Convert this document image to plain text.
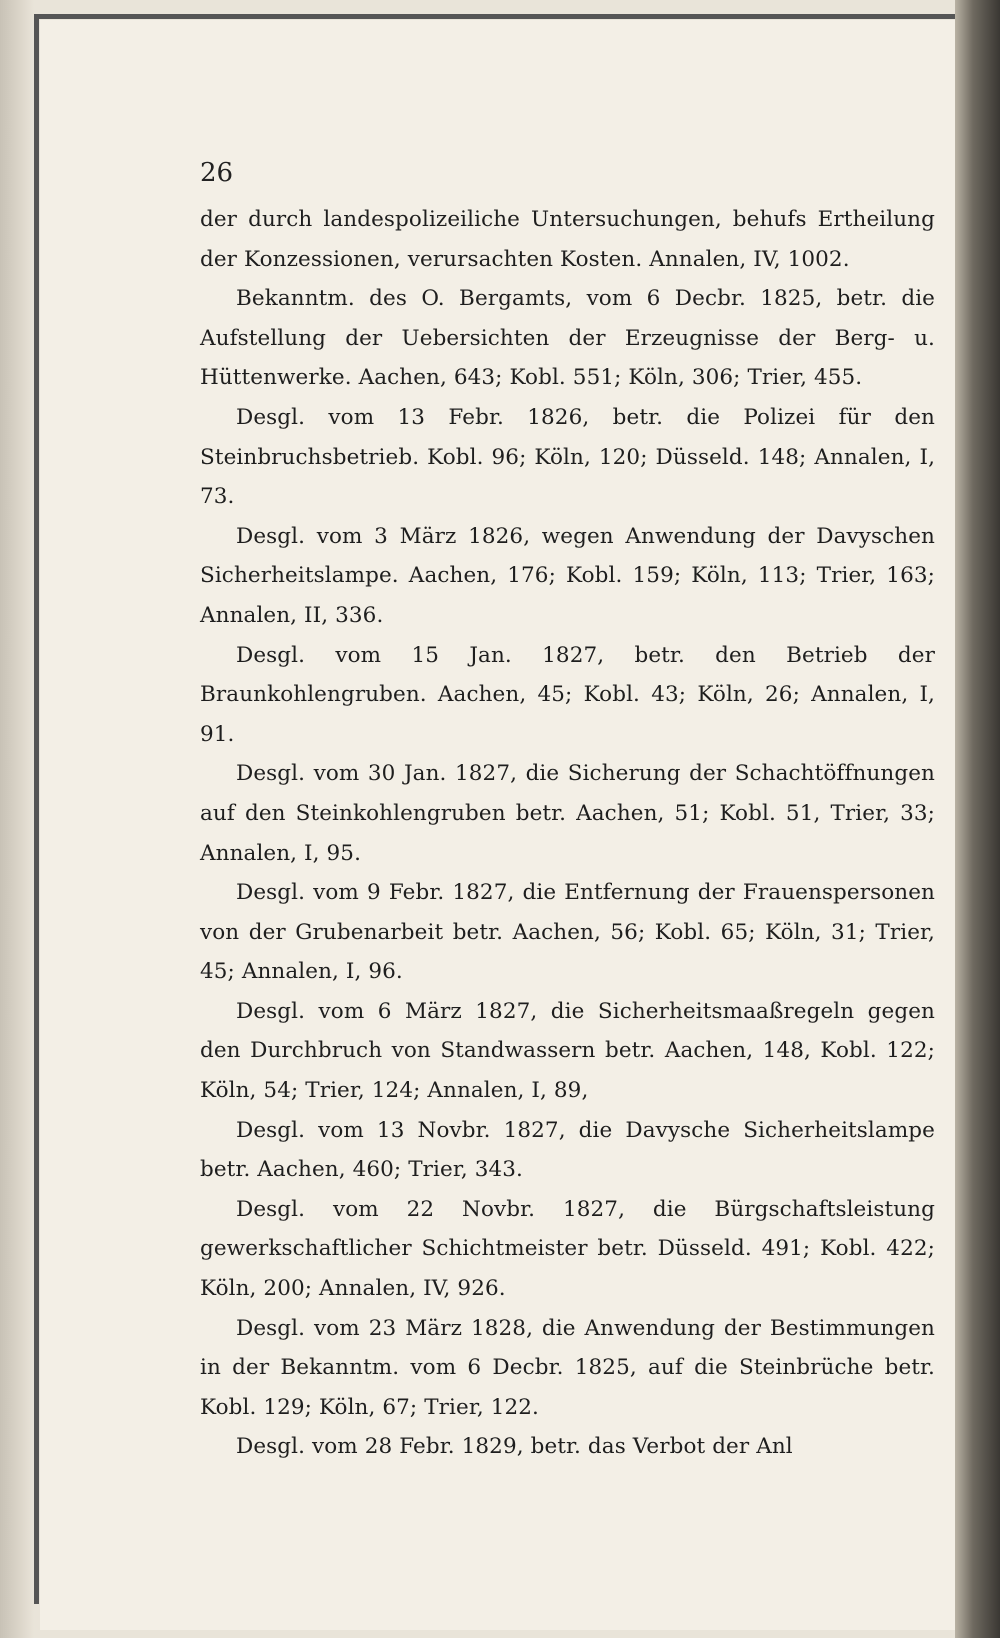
26

der durch landespolizeiliche Untersuchungen, behufs Ertheilung der Konzessionen, verursachten Kosten. Annalen, IV, 1002.

Bekanntm. des O. Bergamts, vom 6 Decbr. 1825, betr. die Aufstellung der Uebersichten der Erzeugnisse der Berg- u. Hüttenwerke. Aachen, 643; Kobl. 551; Köln, 306; Trier, 455.

Desgl. vom 13 Febr. 1826, betr. die Polizei für den Steinbruchsbetrieb. Kobl. 96; Köln, 120; Düsseld. 148; Annalen, I, 73.

Desgl. vom 3 März 1826, wegen Anwendung der Davyschen Sicherheitslampe. Aachen, 176; Kobl. 159; Köln, 113; Trier, 163; Annalen, II, 336.

Desgl. vom 15 Jan. 1827, betr. den Betrieb der Braunkohlengruben. Aachen, 45; Kobl. 43; Köln, 26; Annalen, I, 91.

Desgl. vom 30 Jan. 1827, die Sicherung der Schachtöffnungen auf den Steinkohlengruben betr. Aachen, 51; Kobl. 51, Trier, 33; Annalen, I, 95.

Desgl. vom 9 Febr. 1827, die Entfernung der Frauenspersonen von der Grubenarbeit betr. Aachen, 56; Kobl. 65; Köln, 31; Trier, 45; Annalen, I, 96.

Desgl. vom 6 März 1827, die Sicherheitsmaaßregeln gegen den Durchbruch von Standwassern betr. Aachen, 148, Kobl. 122; Köln, 54; Trier, 124; Annalen, I, 89,

Desgl. vom 13 Novbr. 1827, die Davysche Sicherheitslampe betr. Aachen, 460; Trier, 343.

Desgl. vom 22 Novbr. 1827, die Bürgschaftsleistung gewerkschaftlicher Schichtmeister betr. Düsseld. 491; Kobl. 422; Köln, 200; Annalen, IV, 926.

Desgl. vom 23 März 1828, die Anwendung der Bestimmungen in der Bekanntm. vom 6 Decbr. 1825, auf die Steinbrüche betr. Kobl. 129; Köln, 67; Trier, 122.

Desgl. vom 28 Febr. 1829, betr. das Verbot der Anl
